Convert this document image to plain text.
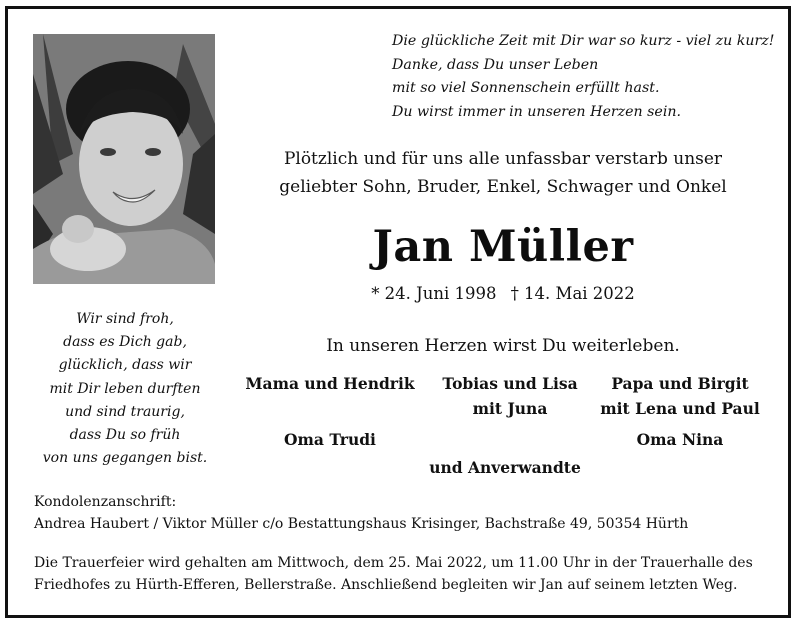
Die glückliche Zeit mit Dir war so kurz - viel zu kurz!
Danke, dass Du unser Leben
mit so viel Sonnenschein erfüllt hast.
Du wirst immer in unseren Herzen sein.
Plötzlich und für uns alle unfassbar verstarb unser
geliebter Sohn, Bruder, Enkel, Schwager und Onkel
Jan Müller
* 24. Juni 1998 † 14. Mai 2022
Wir sind froh,
dass es Dich gab,
glücklich, dass wir
mit Dir leben durften
und sind traurig,
dass Du so früh
von uns gegangen bist.
In unseren Herzen wirst Du weiterleben.
Mama und Hendrik	Tobias und Lisa
mit Juna
Papa und Birgit
mit Lena und Paul
Oma Trudi	Oma Nina
und Anverwandte
Kondolenzanschrift:
Andrea Haubert / Viktor Müller c/o Bestattungshaus Krisinger, Bachstraße 49, 50354 Hürth
Die Trauerfeier wird gehalten am Mittwoch, dem 25. Mai 2022, um 11.00 Uhr in der Trauerhalle des
Friedhofes zu Hürth-Efferen, Bellerstraße. Anschließend begleiten wir Jan auf seinem letzten Weg.
